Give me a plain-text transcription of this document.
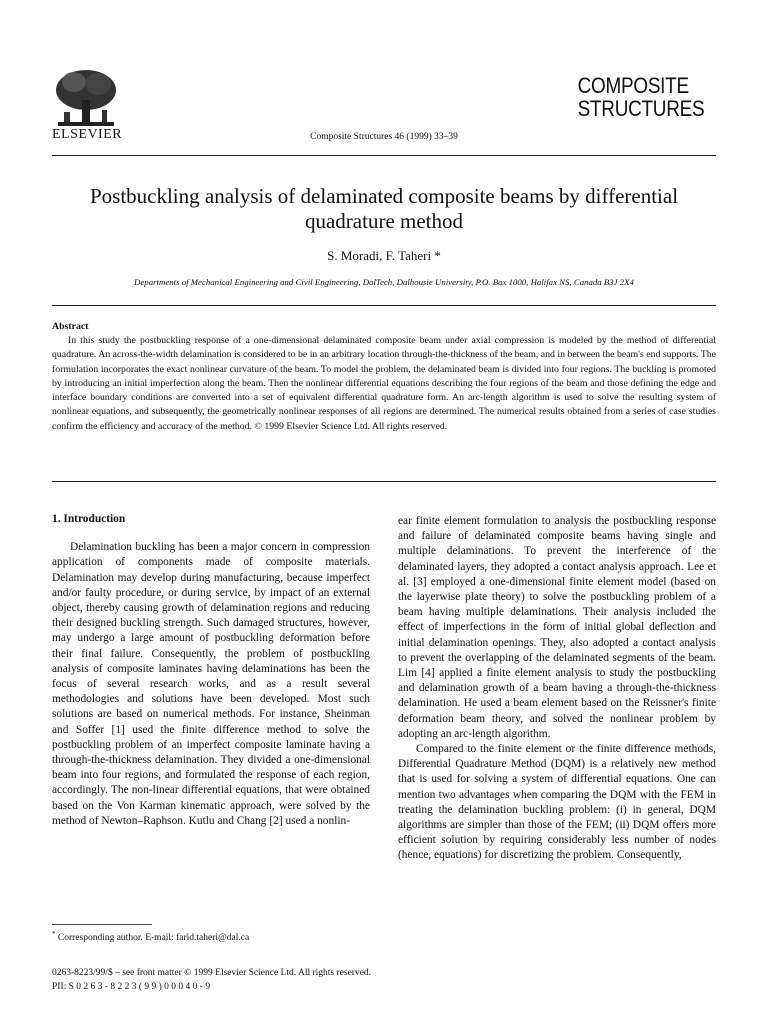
ELSEVIER	Composite Structures 46 (1999) 33–39
COMPOSITE
STRUCTURES
Postbuckling analysis of delaminated composite beams by differential quadrature method
S. Moradi, F. Taheri *
Departments of Mechanical Engineering and Civil Engineering, DalTech, Dalhousie University, P.O. Box 1000, Halifax NS, Canada B3J 2X4
Abstract
In this study the postbuckling response of a one-dimensional delaminated composite beam under axial compression is modeled by the method of differential quadrature. An across-the-width delamination is considered to be in an arbitrary location through-the-thickness of the beam, and in between the beam's end supports. The formulation incorporates the exact nonlinear curvature of the beam. To model the problem, the delaminated beam is divided into four regions. The buckling is promoted by introducing an initial imperfection along the beam. Then the nonlinear differential equations describing the four regions of the beam and those defining the edge and interface boundary conditions are converted into a set of equivalent differential quadrature form. An arc-length algorithm is used to solve the resulting system of nonlinear equations, and subsequently, the geometrically nonlinear responses of all regions are determined. The numerical results obtained from a series of case studies confirm the efficiency and accuracy of the method. © 1999 Elsevier Science Ltd. All rights reserved.

1. Introduction

Delamination buckling has been a major concern in compression application of components made of composite materials. Delamination may develop during manufacturing, because imperfect and/or faulty procedure, or during service, by impact of an external object, thereby causing growth of delamination regions and reducing their designed buckling strength. Such damaged structures, however, may undergo a large amount of postbuckling deformation before their final failure. Consequently, the problem of postbuckling analysis of composite laminates having delaminations has been the focus of several research works, and as a result several methodologies and solutions have been developed. Most such solutions are based on numerical methods. For instance, Sheinman and Soffer [1] used the finite difference method to solve the postbuckling problem of an imperfect composite laminate having a through-the-thickness delamination. They divided a one-dimensional beam into four regions, and formulated the response of each region, accordingly. The non-linear differential equations, that were obtained based on the Von Karman kinematic approach, were solved by the method of Newton–Raphson. Kutlu and Chang [2] used a nonlin-

ear finite element formulation to analysis the postbuckling response and failure of delaminated composite beams having single and multiple delaminations. To prevent the interference of the delaminated layers, they adopted a contact analysis approach. Lee et al. [3] employed a one-dimensional finite element model (based on the layerwise plate theory) to solve the postbuckling problem of a beam having multiple delaminations. Their analysis included the effect of imperfections in the form of initial global deflection and initial delamination openings. They, also adopted a contact analysis to prevent the overlapping of the delaminated segments of the beam. Lim [4] applied a finite element analysis to study the postbuckling and delamination growth of a beam having a through-the-thickness delamination. He used a beam element based on the Reissner's finite deformation beam theory, and solved the nonlinear problem by adopting an arc-length algorithm.

Compared to the finite element or the finite difference methods, Differential Quadrature Method (DQM) is a relatively new method that is used for solving a system of differential equations. One can mention two advantages when comparing the DQM with the FEM in treating the delamination buckling problem: (i) in general, DQM algorithms are simpler than those of the FEM; (ii) DQM offers more efficient solution by requiring considerably less number of nodes (hence, equations) for discretizing the problem. Consequently,

* Corresponding author. E-mail: farid.taheri@dal.ca
0263-8223/99/$ – see front matter © 1999 Elsevier Science Ltd. All rights reserved.
PII: S 0 2 6 3 - 8 2 2 3 ( 9 9 ) 0 0 0 4 0 - 9
